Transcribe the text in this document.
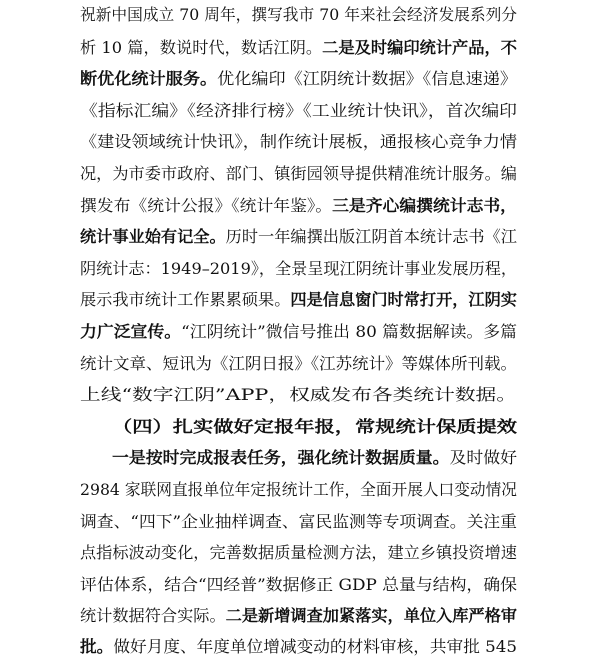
祝新中国成立 70 周年，撰写我市 70 年来社会经济发展系列分
析 10 篇，数说时代，数话江阴。二是及时编印统计产品，不
断优化统计服务。优化编印《江阴统计数据》《信息速递》
《指标汇编》《经济排行榜》《工业统计快讯》，首次编印
《建设领域统计快讯》，制作统计展板，通报核心竞争力情
况，为市委市政府、部门、镇街园领导提供精准统计服务。编
撰发布《统计公报》《统计年鉴》。三是齐心编撰统计志书，
统计事业始有记全。历时一年编撰出版江阴首本统计志书《江
阴统计志：1949–2019》，全景呈现江阴统计事业发展历程，
展示我市统计工作累累硕果。四是信息窗门时常打开，江阴实
力广泛宣传。“江阴统计”微信号推出 80 篇数据解读。多篇
统计文章、短讯为《江阴日报》《江苏统计》等媒体所刊载。
上线“数字江阴”APP，权威发布各类统计数据。
（四）扎实做好定报年报，常规统计保质提效
一是按时完成报表任务，强化统计数据质量。及时做好
2984 家联网直报单位年定报统计工作，全面开展人口变动情况
调查、“四下”企业抽样调查、富民监测等专项调查。关注重
点指标波动变化，完善数据质量检测方法，建立乡镇投资增速
评估体系，结合“四经普”数据修正 GDP 总量与结构，确保
统计数据符合实际。二是新增调查加紧落实，单位入库严格审
批。做好月度、年度单位增减变动的材料审核，共审批 545
